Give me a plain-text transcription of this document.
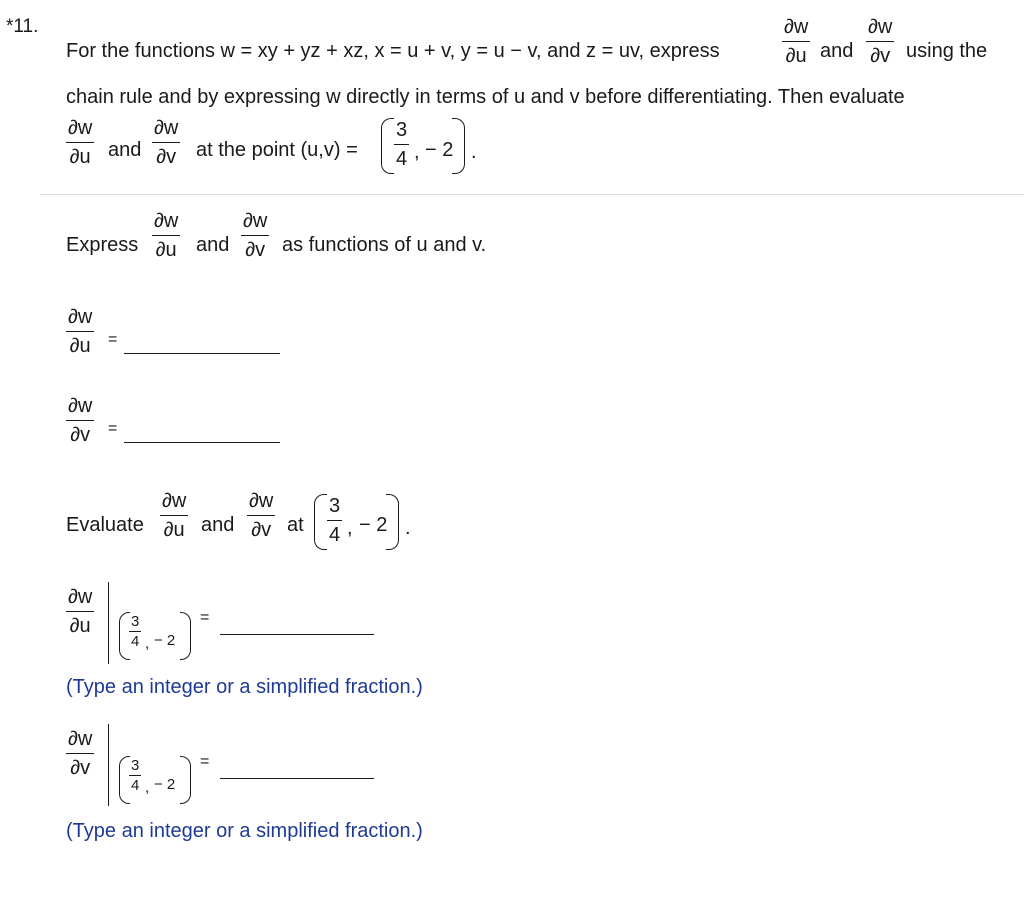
*11.
For the functions w = xy + yz + xz, x = u + v, y = u − v, and z = uv, express
∂w
∂u and
∂w
∂v using the
chain rule and by expressing w directly in terms of u and v before differentiating. Then evaluate
∂w
∂u and
∂w
∂v at the point (u,v) =
3
4 , − 2 .
Express
∂w
∂u and
∂w
∂v as functions of u and v.
∂w
∂u =
∂w
∂v =
Evaluate
∂w
∂u and
∂w
∂v at
3
4 , − 2 .
∂w
∂u	3
4 , − 2
=
(Type an integer or a simplified fraction.)
∂w
∂v	3
4 , − 2
=
(Type an integer or a simplified fraction.)
